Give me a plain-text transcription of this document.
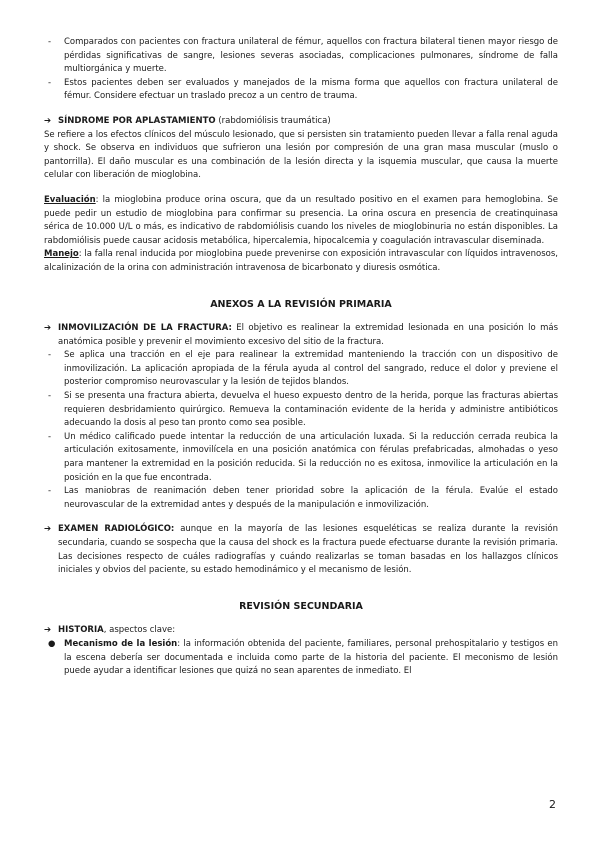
- Comparados con pacientes con fractura unilateral de fémur, aquellos con fractura bilateral tienen mayor riesgo de pérdidas significativas de sangre, lesiones severas asociadas, complicaciones pulmonares, síndrome de falla multiorgánica y muerte.

- Estos pacientes deben ser evaluados y manejados de la misma forma que aquellos con fractura unilateral de fémur. Considere efectuar un traslado precoz a un centro de trauma.

➔ SÍNDROME POR APLASTAMIENTO (rabdomiólisis traumática)

Se refiere a los efectos clínicos del músculo lesionado, que si persisten sin tratamiento pueden llevar a falla renal aguda y shock. Se observa en individuos que sufrieron una lesión por compresión de una gran masa muscular (muslo o pantorrilla). El daño muscular es una combinación de la lesión directa y la isquemia muscular, que causa la muerte celular con liberación de mioglobina.

Evaluación: la mioglobina produce orina oscura, que da un resultado positivo en el examen para hemoglobina. Se puede pedir un estudio de mioglobina para confirmar su presencia. La orina oscura en presencia de creatinquinasa sérica de 10.000 U/L o más, es indicativo de rabdomiólisis cuando los niveles de mioglobinuria no están disponibles. La rabdomiólisis puede causar acidosis metabólica, hipercalemia, hipocalcemia y coagulación intravascular diseminada.

Manejo: la falla renal inducida por mioglobina puede prevenirse con exposición intravascular con líquidos intravenosos, alcalinización de la orina con administración intravenosa de bicarbonato y diuresis osmótica.

ANEXOS A LA REVISIÓN PRIMARIA

➔ INMOVILIZACIÓN DE LA FRACTURA: El objetivo es realinear la extremidad lesionada en una posición lo más anatómica posible y prevenir el movimiento excesivo del sitio de la fractura.

- Se aplica una tracción en el eje para realinear la extremidad manteniendo la tracción con un dispositivo de inmovilización. La aplicación apropiada de la férula ayuda al control del sangrado, reduce el dolor y previene el posterior compromiso neurovascular y la lesión de tejidos blandos.

- Si se presenta una fractura abierta, devuelva el hueso expuesto dentro de la herida, porque las fracturas abiertas requieren desbridamiento quirúrgico. Remueva la contaminación evidente de la herida y administre antibióticos adecuando la dosis al peso tan pronto como sea posible.

- Un médico calificado puede intentar la reducción de una articulación luxada. Si la reducción cerrada reubica la articulación exitosamente, inmovilícela en una posición anatómica con férulas prefabricadas, almohadas o yeso para mantener la extremidad en la posición reducida. Si la reducción no es exitosa, inmovilice la articulación en la posición en la que fue encontrada.

- Las maniobras de reanimación deben tener prioridad sobre la aplicación de la férula. Evalúe el estado neurovascular de la extremidad antes y después de la manipulación e inmovilización.

➔ EXAMEN RADIOLÓGICO: aunque en la mayoría de las lesiones esqueléticas se realiza durante la revisión secundaria, cuando se sospecha que la causa del shock es la fractura puede efectuarse durante la revisión primaria. Las decisiones respecto de cuáles radiografías y cuándo realizarlas se toman basadas en los hallazgos clínicos iniciales y obvios del paciente, su estado hemodinámico y el mecanismo de lesión.

REVISIÓN SECUNDARIA

➔ HISTORIA, aspectos clave:

● Mecanismo de la lesión: la información obtenida del paciente, familiares, personal prehospitalario y testigos en la escena debería ser documentada e incluida como parte de la historia del paciente. El meconismo de lesión puede ayudar a identificar lesiones que quizá no sean aparentes de inmediato. El

2
